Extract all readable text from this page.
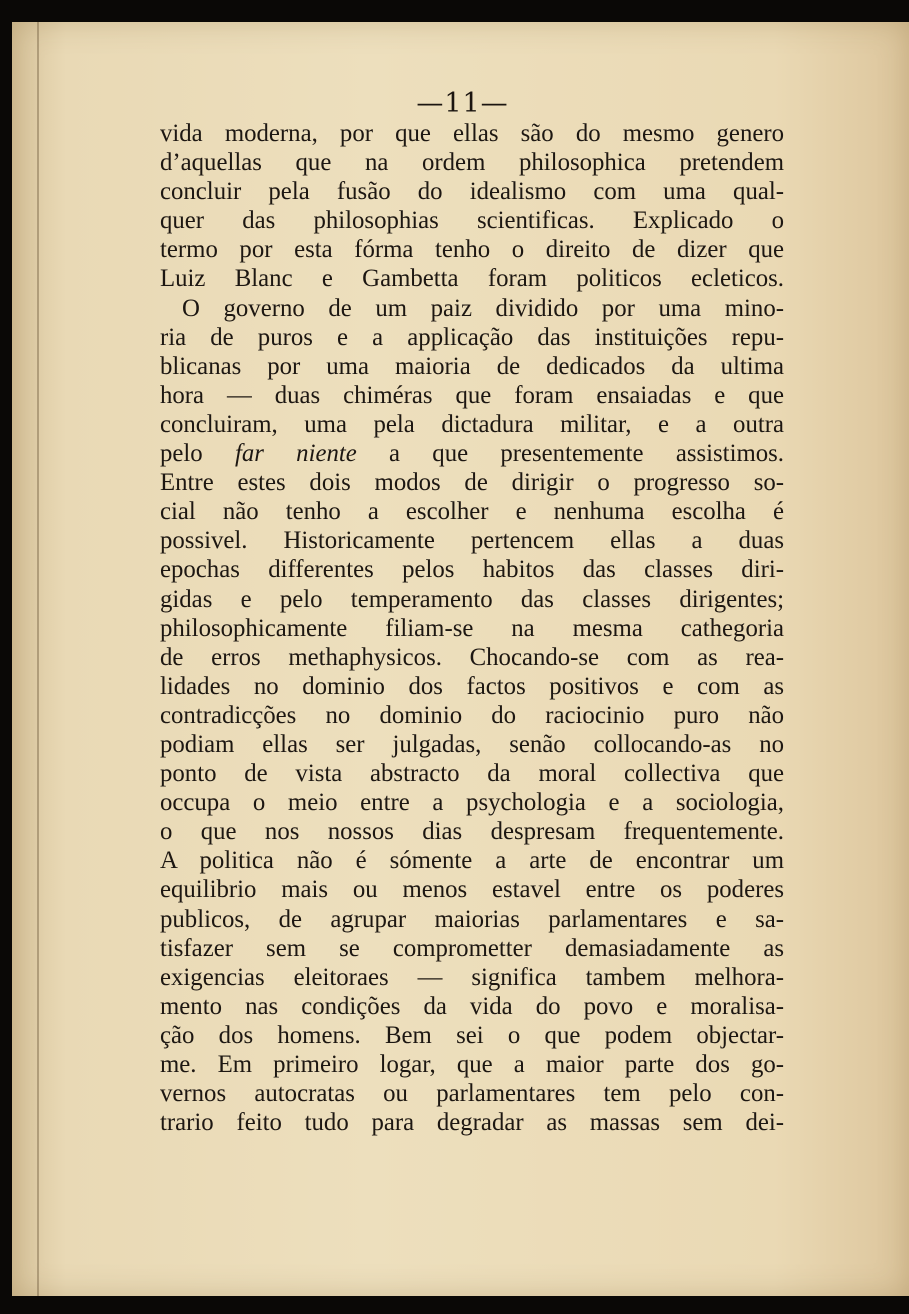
—11—
vida moderna, por que ellas são do mesmo genero
d’aquellas que na ordem philosophica pretendem
concluir pela fusão do idealismo com uma qual-
quer das philosophias scientificas. Explicado o
termo por esta fórma tenho o direito de dizer que
Luiz Blanc e Gambetta foram politicos ecleticos.
O governo de um paiz dividido por uma mino-
ria de puros e a applicação das instituições repu-
blicanas por uma maioria de dedicados da ultima
hora — duas chiméras que foram ensaiadas e que
concluiram, uma pela dictadura militar, e a outra
pelo far niente a que presentemente assistimos.
Entre estes dois modos de dirigir o progresso so-
cial não tenho a escolher e nenhuma escolha é
possivel. Historicamente pertencem ellas a duas
epochas differentes pelos habitos das classes diri-
gidas e pelo temperamento das classes dirigentes;
philosophicamente filiam-se na mesma cathegoria
de erros methaphysicos. Chocando-se com as rea-
lidades no dominio dos factos positivos e com as
contradicções no dominio do raciocinio puro não
podiam ellas ser julgadas, senão collocando-as no
ponto de vista abstracto da moral collectiva que
occupa o meio entre a psychologia e a sociologia,
o que nos nossos dias despresam frequentemente.
A politica não é sómente a arte de encontrar um
equilibrio mais ou menos estavel entre os poderes
publicos, de agrupar maiorias parlamentares e sa-
tisfazer sem se comprometter demasiadamente as
exigencias eleitoraes — significa tambem melhora-
mento nas condições da vida do povo e moralisa-
ção dos homens. Bem sei o que podem objectar-
me. Em primeiro logar, que a maior parte dos go-
vernos autocratas ou parlamentares tem pelo con-
trario feito tudo para degradar as massas sem dei-
